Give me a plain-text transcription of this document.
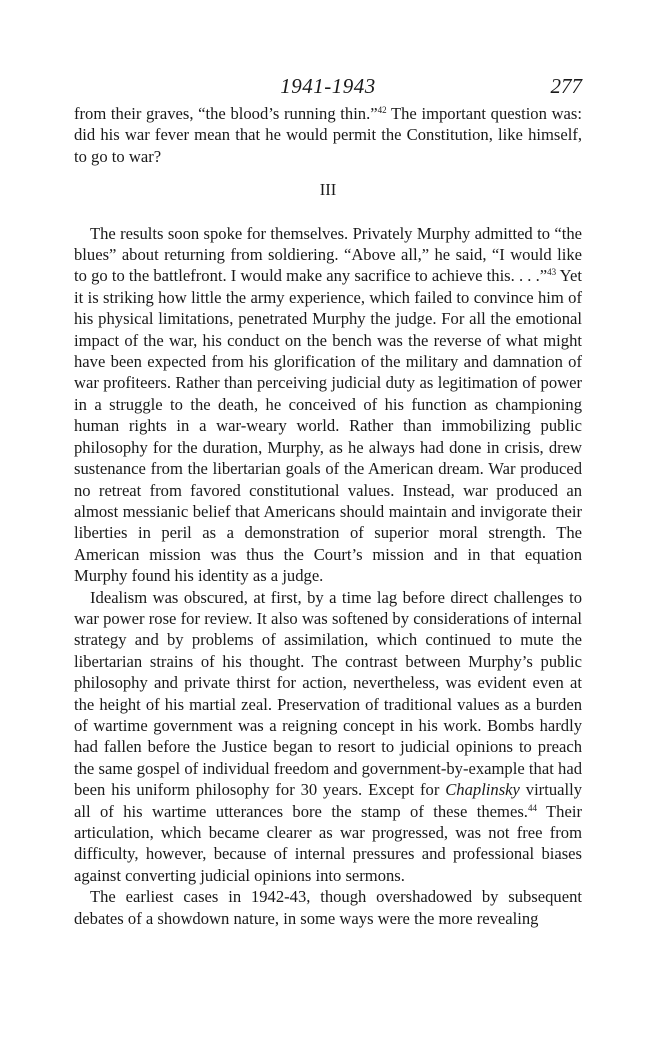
1941-1943	277

from their graves, “the blood’s running thin.”$^{42}$ The important question was: did his war fever mean that he would permit the Constitution, like himself, to go to war?

III

The results soon spoke for themselves. Privately Murphy admitted to “the blues” about returning from soldiering. “Above all,” he said, “I would like to go to the battlefront. I would make any sacrifice to achieve this. . . .”$^{43}$ Yet it is striking how little the army experience, which failed to convince him of his physical limitations, penetrated Murphy the judge. For all the emotional impact of the war, his conduct on the bench was the reverse of what might have been expected from his glorification of the military and damnation of war profiteers. Rather than perceiving judicial duty as legitimation of power in a struggle to the death, he conceived of his function as championing human rights in a war-weary world. Rather than immobilizing public philosophy for the duration, Murphy, as he always had done in crisis, drew sustenance from the libertarian goals of the American dream. War produced no retreat from favored constitutional values. Instead, war produced an almost messianic belief that Americans should maintain and invigorate their liberties in peril as a demonstration of superior moral strength. The American mission was thus the Court’s mission and in that equation Murphy found his identity as a judge.

Idealism was obscured, at first, by a time lag before direct challenges to war power rose for review. It also was softened by considerations of internal strategy and by problems of assimilation, which continued to mute the libertarian strains of his thought. The contrast between Murphy’s public philosophy and private thirst for action, nevertheless, was evident even at the height of his martial zeal. Preservation of traditional values as a burden of wartime government was a reigning concept in his work. Bombs hardly had fallen before the Justice began to resort to judicial opinions to preach the same gospel of individual freedom and government-by-example that had been his uniform philosophy for 30 years. Except for Chaplinsky virtually all of his wartime utterances bore the stamp of these themes.$^{44}$ Their articulation, which became clearer as war progressed, was not free from difficulty, however, because of internal pressures and professional biases against converting judicial opinions into sermons.

The earliest cases in 1942-43, though overshadowed by subsequent debates of a showdown nature, in some ways were the more revealing
